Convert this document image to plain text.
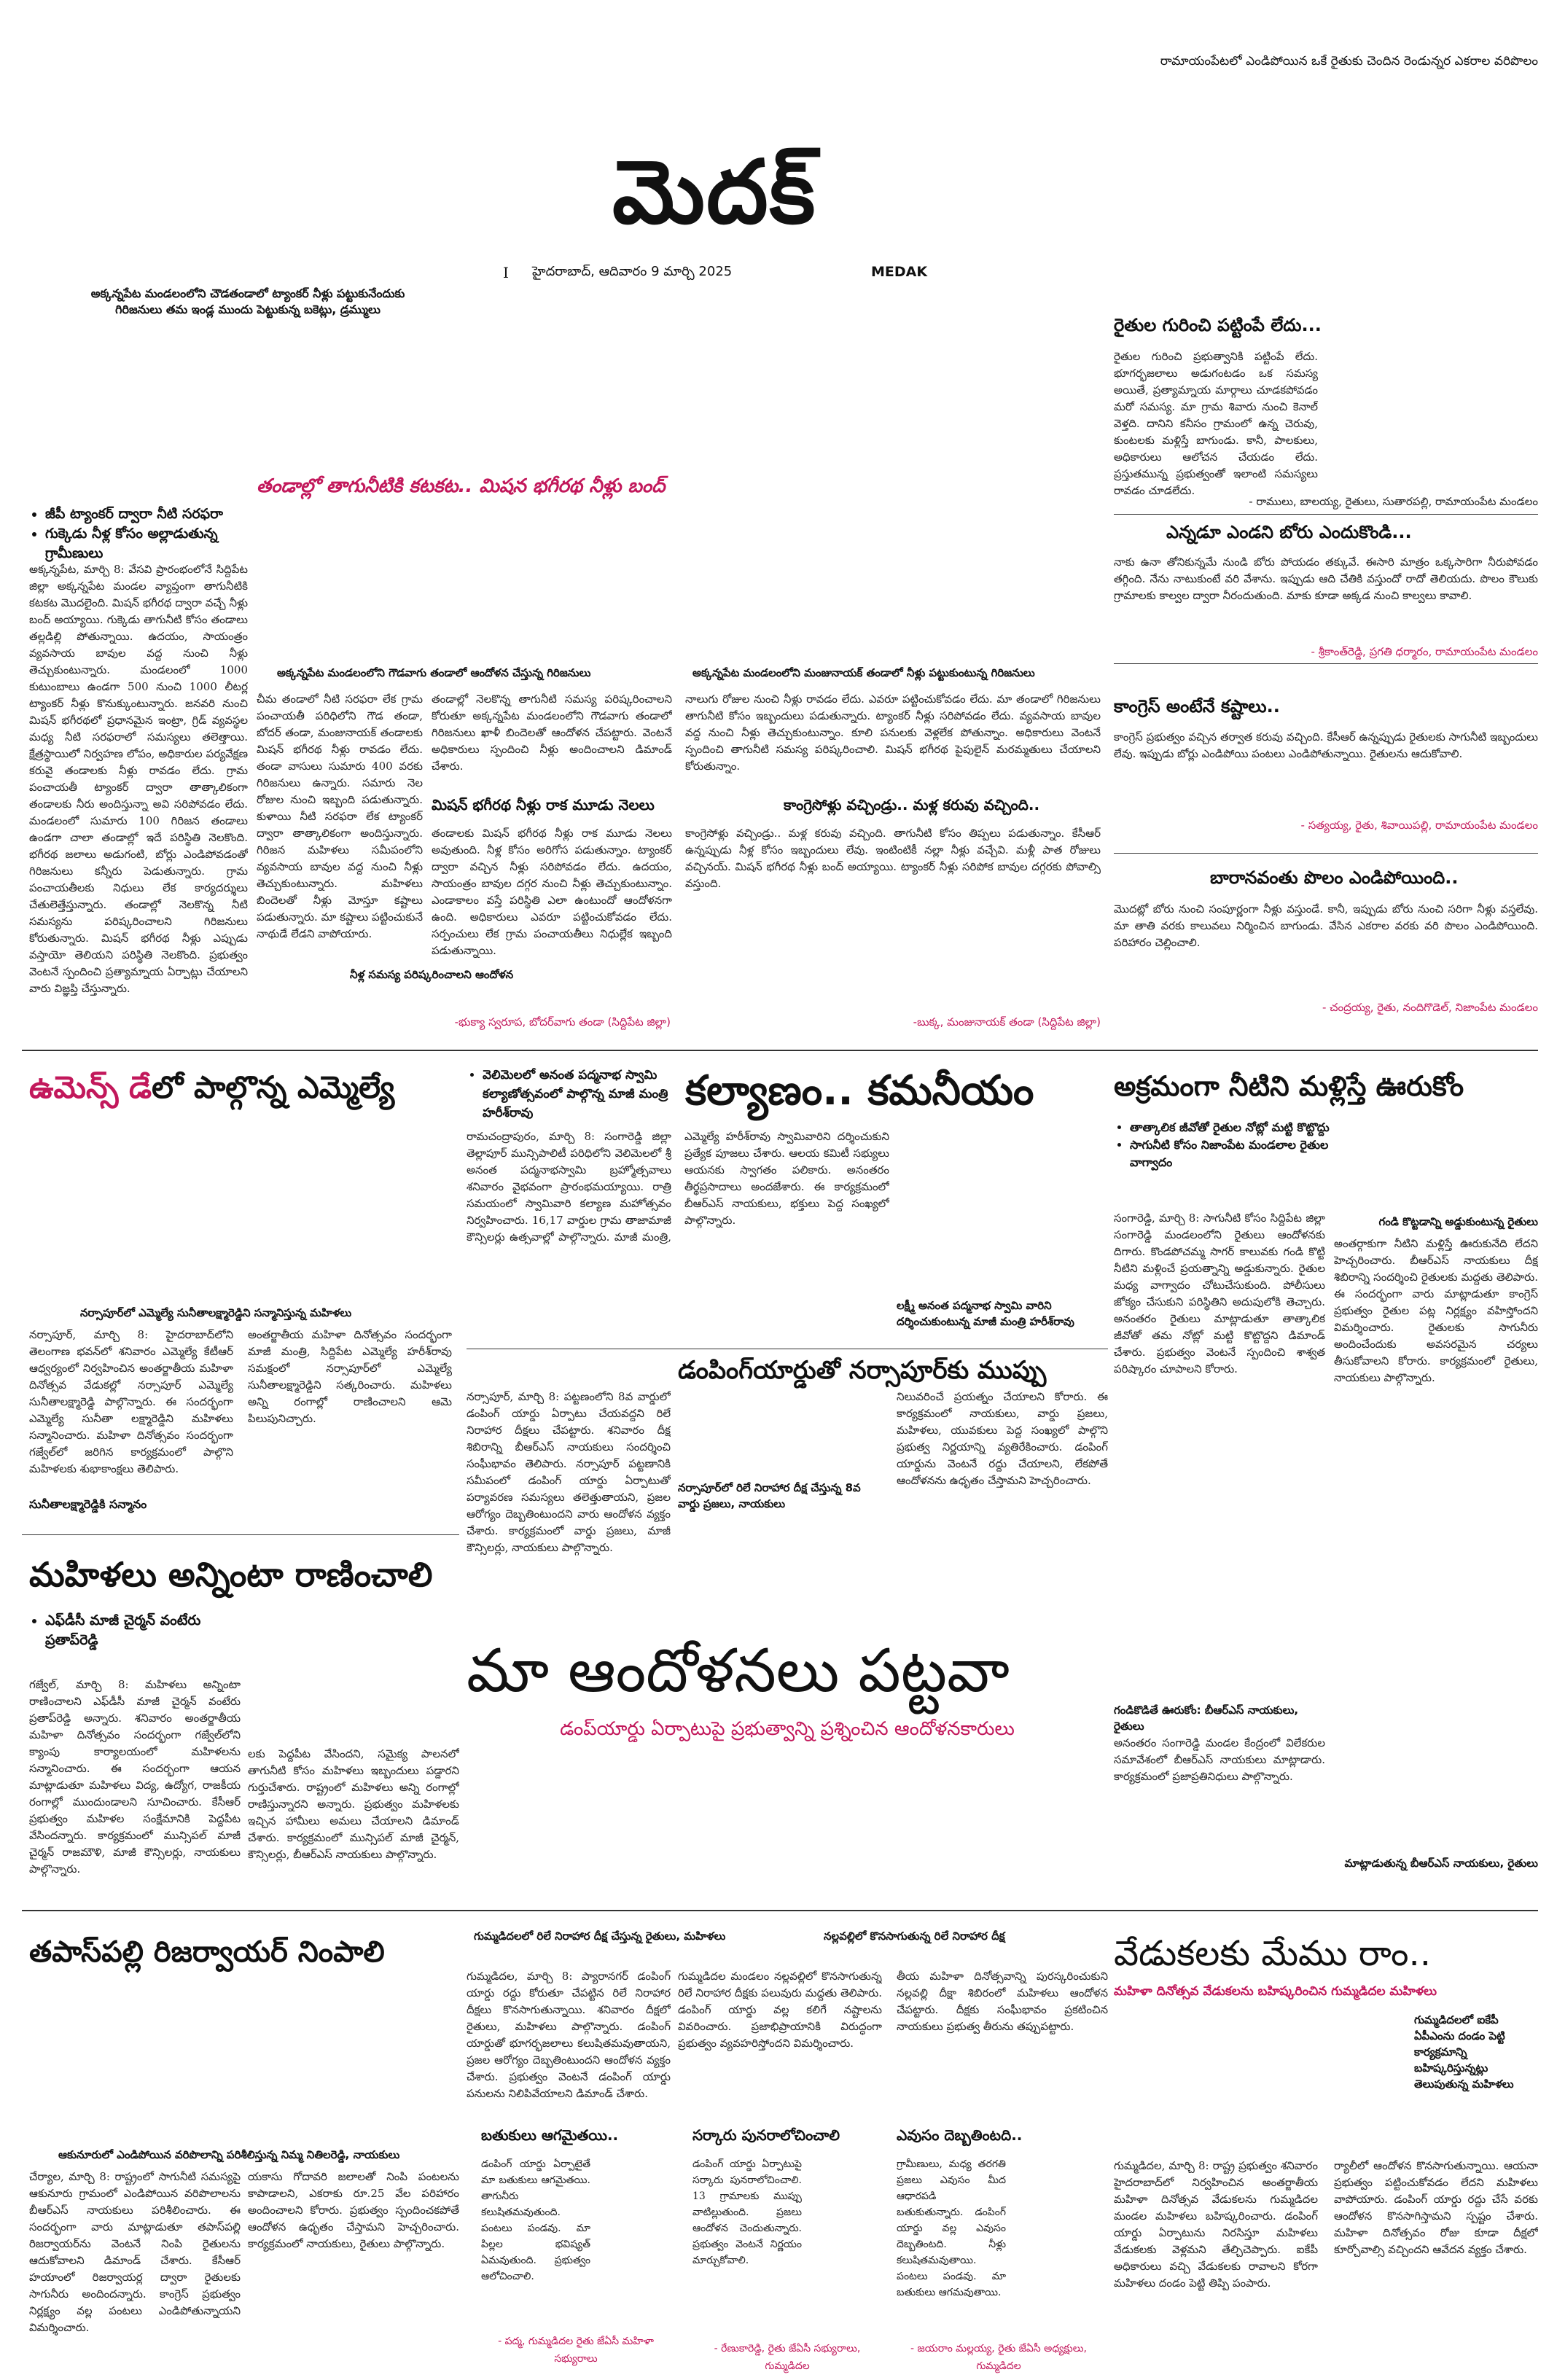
రామాయంపేటలో ఎండిపోయిన ఒకే రైతుకు చెందిన రెండున్నర ఎకరాల వరిపొలం
మెదక్
I హైదరాబాద్, ఆదివారం 9 మార్చి 2025	MEDAK
అక్కన్నపేట మండలంలోని చౌడతండాలో ట్యాంకర్ నీళ్లు పట్టుకునేందుకు గిరిజనులు తమ ఇండ్ల ముందు పెట్టుకున్న బకెట్లు, డ్రమ్ములు
రైతుల గురించి పట్టింపే లేదు...
రైతుల గురించి ప్రభుత్వానికి పట్టింపే లేదు. భూగర్భజలాలు అడుగంటడం ఒక సమస్య అయితే, ప్రత్యామ్నాయ మార్గాలు చూడకపోవడం మరో సమస్య. మా గ్రామ శివారు నుంచి కెనాల్ వెళ్తది. దానిని కనీసం గ్రామంలో ఉన్న చెరువు, కుంటలకు మళ్లిస్తే బాగుండు. కానీ, పాలకులు, అధికారులు ఆలోచన చేయడం లేదు. ప్రస్తుతమున్న ప్రభుత్వంతో ఇలాంటి సమస్యలు రావడం చూడలేదు.
- రాములు, బాలయ్య, రైతులు, సుతారపల్లి, రామాయంపేట మండలం
ఎన్నడూ ఎండని బోరు ఎందుకొండి...
నాకు ఉనా తోనికున్నమే నుండి బోరు పోయడం తక్కువే. ఈసారి మాత్రం ఒక్కసారిగా నీరుపోవడం తగ్గింది. నేను నాటుకుంటే వరి వేశాను. ఇప్పుడు ఆది చేతికి వస్తుందో రాదో తెలియదు. పొలం కౌలుకు గ్రామాలకు కాల్వల ద్వారా నీరందుతుంది. మాకు కూడా అక్కడ నుంచి కాల్వలు కావాలి.
- శ్రీకాంత్‌రెడ్డి, ప్రగతి ధర్మారం, రామాయంపేట మండలం
కాంగ్రెస్ అంటేనే కష్టాలు..
కాంగ్రెస్ ప్రభుత్వం వచ్చిన తర్వాత కరువు వచ్చింది. కేసీఆర్ ఉన్నప్పుడు రైతులకు సాగునీటి ఇబ్బందులు లేవు. ఇప్పుడు బోర్లు ఎండిపోయి పంటలు ఎండిపోతున్నాయి. రైతులను ఆదుకోవాలి.
- సత్యయ్య, రైతు, శివాయిపల్లి, రామాయంపేట మండలం
బారానవంతు పొలం ఎండిపోయింది..
మొదట్లో బోరు నుంచి సంపూర్ణంగా నీళ్లు వస్తుండే. కానీ, ఇప్పుడు బోరు నుంచి సరిగా నీళ్లు వస్తలేవు. మా తాతి వరకు కాలువలు నిర్మించిన బాగుండు. వేసిన ఎకరాల వరకు వరి పొలం ఎండిపోయింది. పరిహారం చెల్లించాలి.
- చంద్రయ్య, రైతు, నందిగొడెల్, నిజాంపేట మండలం
• జీపీ ట్యాంకర్ ద్వారా నీటి సరఫరా
• గుక్కెడు నీళ్ల కోసం అల్లాడుతున్న గ్రామీణులు
తండాల్లో తాగునీటికి కటకట.. మిషన భగీరథ నీళ్లు బంద్
అక్కన్నపేట, మార్చి 8: వేసవి ప్రారంభంలోనే సిద్దిపేట జిల్లా అక్కన్నపేట మండల వ్యాప్తంగా తాగునీటికి కటకట మొదలైంది. మిషన్ భగీరథ ద్వారా వచ్చే నీళ్లు బంద్ అయ్యాయి. గుక్కెడు తాగునీటి కోసం తండాలు తల్లడిల్లి పోతున్నాయి. ఉదయం, సాయంత్రం వ్యవసాయ బావుల వద్ద నుంచి నీళ్లు తెచ్చుకుంటున్నారు. మండలంలో 1000 కుటుంబాలు ఉండగా 500 నుంచి 1000 లీటర్ల ట్యాంకర్ నీళ్లు కొనుక్కుంటున్నారు. జనవరి నుంచి మిషన్ భగీరథలో ప్రధానమైన ఇంట్రా, గ్రిడ్ వ్యవస్థల మధ్య నీటి సరఫరాలో సమస్యలు తలెత్తాయి. క్షేత్రస్థాయిలో నిర్వహణ లోపం, అధికారుల పర్యవేక్షణ కరువై తండాలకు నీళ్లు రావడం లేదు. గ్రామ పంచాయతీ ట్యాంకర్ ద్వారా తాత్కాలికంగా తండాలకు నీరు అందిస్తున్నా అవి సరిపోవడం లేదు. మండలంలో సుమారు 100 గిరిజన తండాలు ఉండగా చాలా తండాల్లో ఇదే పరిస్థితి నెలకొంది. భగీరథ జలాలు అడుగంటి, బోర్లు ఎండిపోవడంతో గిరిజనులు కన్నీరు పెడుతున్నారు. గ్రామ పంచాయతీలకు నిధులు లేక కార్యదర్శులు చేతులెత్తేస్తున్నారు. తండాల్లో నెలకొన్న నీటి సమస్యను పరిష్కరించాలని గిరిజనులు కోరుతున్నారు. మిషన్ భగీరథ నీళ్లు ఎప్పుడు వస్తాయో తెలియని పరిస్థితి నెలకొంది. ప్రభుత్వం వెంటనే స్పందించి ప్రత్యామ్నాయ ఏర్పాట్లు చేయాలని వారు విజ్ఞప్తి చేస్తున్నారు.
అక్కన్నపేట మండలంలోని గౌడవాగు తండాలో ఆందోళన చేస్తున్న గిరిజనులు	అక్కన్నపేట మండలంలోని మంజునాయక్ తండాలో నీళ్లు పట్టుకుంటున్న గిరిజనులు
చీమ తండాలో నీటి సరఫరా లేక గ్రామ పంచాయతీ పరిధిలోని గౌడ తండా, బోదర్ తండా, మంజునాయక్ తండాలకు మిషన్ భగీరథ నీళ్లు రావడం లేదు. తండా వాసులు సుమారు 400 వరకు గిరిజనులు ఉన్నారు. సమారు నెల రోజుల నుంచి ఇబ్బంది పడుతున్నారు. కుళాయి నీటి సరఫరా లేక ట్యాంకర్ ద్వారా తాత్కాలికంగా అందిస్తున్నారు. గిరిజన మహిళలు సమీపంలోని వ్యవసాయ బావుల వద్ద నుంచి నీళ్లు తెచ్చుకుంటున్నారు. మహిళలు బిందెలతో నీళ్లు మోస్తూ కష్టాలు పడుతున్నారు. మా కష్టాలు పట్టించుకునే నాథుడే లేడని వాపోయారు.
తండాల్లో నెలకొన్న తాగునీటి సమస్య పరిష్కరించాలని కోరుతూ అక్కన్నపేట మండలంలోని గౌడవాగు తండాలో గిరిజనులు ఖాళీ బిందెలతో ఆందోళన చేపట్టారు. వెంటనే అధికారులు స్పందించి నీళ్లు అందించాలని డిమాండ్ చేశారు.
నాలుగు రోజుల నుంచి నీళ్లు రావడం లేదు. ఎవరూ పట్టించుకోవడం లేదు. మా తండాలో గిరిజనులు తాగునీటి కోసం ఇబ్బందులు పడుతున్నారు. ట్యాంకర్ నీళ్లు సరిపోవడం లేదు. వ్యవసాయ బావుల వద్ద నుంచి నీళ్లు తెచ్చుకుంటున్నాం. కూలి పనులకు వెళ్లలేక పోతున్నాం. అధికారులు వెంటనే స్పందించి తాగునీటి సమస్య పరిష్కరించాలి. మిషన్ భగీరథ పైపులైన్ మరమ్మతులు చేయాలని కోరుతున్నాం.
మిషన్ భగీరథ నీళ్లు రాక మూడు నెలలు
తండాలకు మిషన్ భగీరథ నీళ్లు రాక మూడు నెలలు అవుతుంది. నీళ్ల కోసం అరిగోస పడుతున్నాం. ట్యాంకర్ ద్వారా వచ్చిన నీళ్లు సరిపోవడం లేదు. ఉదయం, సాయంత్రం బావుల దగ్గర నుంచి నీళ్లు తెచ్చుకుంటున్నాం. ఎండాకాలం వస్తే పరిస్థితి ఎలా ఉంటుందో ఆందోళనగా ఉంది. అధికారులు ఎవరూ పట్టించుకోవడం లేదు. సర్పంచులు లేక గ్రామ పంచాయతీలు నిధుల్లేక ఇబ్బంది పడుతున్నాయి.
కాంగ్రెసోళ్లు వచ్చిండ్రు.. మళ్ల కరువు వచ్చింది..
కాంగ్రెసోళ్లు వచ్చిండ్రు.. మళ్ల కరువు వచ్చింది. తాగునీటి కోసం తిప్పలు పడుతున్నాం. కేసీఆర్ ఉన్నప్పుడు నీళ్ల కోసం ఇబ్బందులు లేవు. ఇంటింటికీ నల్లా నీళ్లు వచ్చేవి. మళ్లీ పాత రోజులు వచ్చినయ్. మిషన్ భగీరథ నీళ్లు బంద్ అయ్యాయి. ట్యాంకర్ నీళ్లు సరిపోక బావుల దగ్గరకు పోవాల్సి వస్తుంది.
నీళ్ల సమస్య పరిష్కరించాలని ఆందోళన
-భుక్యా స్వరూప, బోదర్‌వాగు తండా (సిద్దిపేట జిల్లా)	-బుక్క, మంజునాయక్ తండా (సిద్దిపేట జిల్లా)
ఉమెన్స్ డేలో పాల్గొన్న ఎమ్మెల్యే
నర్సాపూర్‌లో ఎమ్మెల్యే సునీతాలక్ష్మారెడ్డిని సన్మానిస్తున్న మహిళలు
నర్సాపూర్, మార్చి 8: హైదరాబాద్‌లోని తెలంగాణ భవన్‌లో శనివారం ఎమ్మెల్యే కేటీఆర్ ఆధ్వర్యంలో నిర్వహించిన అంతర్జాతీయ మహిళా దినోత్సవ వేడుకల్లో నర్సాపూర్ ఎమ్మెల్యే సునీతాలక్ష్మారెడ్డి పాల్గొన్నారు. ఈ సందర్భంగా ఎమ్మెల్యే సునీతా లక్ష్మారెడ్డిని మహిళలు సన్మానించారు. మహిళా దినోత్సవం సందర్భంగా గజ్వేల్‌లో జరిగిన కార్యక్రమంలో పాల్గొని మహిళలకు శుభాకాంక్షలు తెలిపారు.
సునీతాలక్ష్మారెడ్డికి సన్మానం
అంతర్జాతీయ మహిళా దినోత్సవం సందర్భంగా మాజీ మంత్రి, సిద్దిపేట ఎమ్మెల్యే హరీశ్‌రావు సమక్షంలో నర్సాపూర్‌లో ఎమ్మెల్యే సునీతాలక్ష్మారెడ్డిని సత్కరించారు. మహిళలు అన్ని రంగాల్లో రాణించాలని ఆమె పిలుపునిచ్చారు.
మహిళలు అన్నింటా రాణించాలి
• ఎఫ్‌డీసీ మాజీ చైర్మన్ వంటేరు ప్రతాప్‌రెడ్డి
గజ్వేల్, మార్చి 8: మహిళలు అన్నింటా రాణించాలని ఎఫ్‌డీసీ మాజీ చైర్మన్ వంటేరు ప్రతాప్‌రెడ్డి అన్నారు. శనివారం అంతర్జాతీయ మహిళా దినోత్సవం సందర్భంగా గజ్వేల్‌లోని క్యాంపు కార్యాలయంలో మహిళలను సన్మానించారు. ఈ సందర్భంగా ఆయన మాట్లాడుతూ మహిళలు విద్య, ఉద్యోగ, రాజకీయ రంగాల్లో ముందుండాలని సూచించారు. కేసీఆర్ ప్రభుత్వం మహిళల సంక్షేమానికి పెద్దపీట వేసిందన్నారు. కార్యక్రమంలో మున్సిపల్ మాజీ చైర్మన్ రాజమౌళి, మాజీ కౌన్సిలర్లు, నాయకులు పాల్గొన్నారు.
లకు పెద్దపీట వేసిందని, సమైక్య పాలనలో తాగునీటి కోసం మహిళలు ఇబ్బందులు పడ్డారని గుర్తుచేశారు. రాష్ట్రంలో మహిళలు అన్ని రంగాల్లో రాణిస్తున్నారని అన్నారు. ప్రభుత్వం మహిళలకు ఇచ్చిన హామీలు అమలు చేయాలని డిమాండ్ చేశారు. కార్యక్రమంలో మున్సిపల్ మాజీ చైర్మన్, కౌన్సిలర్లు, బీఆర్ఎస్ నాయకులు పాల్గొన్నారు.
• వెలిమెలలో అనంత పద్మనాభ స్వామి కల్యాణోత్సవంలో పాల్గొన్న మాజీ మంత్రి హరీశ్‌రావు	కల్యాణం.. కమనీయం
లక్ష్మీ అనంత పద్మనాభ స్వామి వారిని దర్శించుకుంటున్న మాజీ మంత్రి హరీశ్‌రావు
రామచంద్రాపురం, మార్చి 8: సంగారెడ్డి జిల్లా తెల్లాపూర్ మున్సిపాలిటీ పరిధిలోని వెలిమెలలో శ్రీ అనంత పద్మనాభస్వామి బ్రహ్మోత్సవాలు శనివారం వైభవంగా ప్రారంభమయ్యాయి. రాత్రి సమయంలో స్వామివారి కల్యాణ మహోత్సవం నిర్వహించారు. 16,17 వార్డుల గ్రామ తాజామాజీ కౌన్సిలర్లు ఉత్సవాల్లో పాల్గొన్నారు. మాజీ మంత్రి, ఎమ్మెల్యే హరీశ్‌రావు స్వామివారిని దర్శించుకుని ప్రత్యేక పూజలు చేశారు. ఆలయ కమిటీ సభ్యులు ఆయనకు స్వాగతం పలికారు. అనంతరం తీర్థప్రసాదాలు అందజేశారు. ఈ కార్యక్రమంలో బీఆర్ఎస్ నాయకులు, భక్తులు పెద్ద సంఖ్యలో పాల్గొన్నారు.
డంపింగ్‌యార్డుతో నర్సాపూర్‌కు ముప్పు
నర్సాపూర్, మార్చి 8: పట్టణంలోని 8వ వార్డులో డంపింగ్ యార్డు ఏర్పాటు చేయవద్దని రిలే నిరాహార దీక్షలు చేపట్టారు. శనివారం దీక్ష శిబిరాన్ని బీఆర్ఎస్ నాయకులు సందర్శించి సంఘీభావం తెలిపారు. నర్సాపూర్ పట్టణానికి సమీపంలో డంపింగ్ యార్డు ఏర్పాటుతో పర్యావరణ సమస్యలు తలెత్తుతాయని, ప్రజల ఆరోగ్యం దెబ్బతింటుందని వారు ఆందోళన వ్యక్తం చేశారు. కార్యక్రమంలో వార్డు ప్రజలు, మాజీ కౌన్సిలర్లు, నాయకులు పాల్గొన్నారు.
నర్సాపూర్‌లో రిలే నిరాహార దీక్ష చేస్తున్న 8వ వార్డు ప్రజలు, నాయకులు
నిలువరించే ప్రయత్నం చేయాలని కోరారు. ఈ కార్యక్రమంలో నాయకులు, వార్డు ప్రజలు, మహిళలు, యువకులు పెద్ద సంఖ్యలో పాల్గొని ప్రభుత్వ నిర్ణయాన్ని వ్యతిరేకించారు. డంపింగ్ యార్డును వెంటనే రద్దు చేయాలని, లేకపోతే ఆందోళనను ఉధృతం చేస్తామని హెచ్చరించారు.
మా ఆందోళనలు పట్టవా
డంప్‌యార్డు ఏర్పాటుపై ప్రభుత్వాన్ని ప్రశ్నించిన ఆందోళనకారులు
అక్రమంగా నీటిని మళ్లిస్తే ఊరుకోం
• తాత్కాలిక జీవోతో రైతుల నోట్లో మట్టి కొట్టొద్దు
• సాగునీటి కోసం నిజాంపేట మండలాల రైతుల వాగ్వాదం
సంగారెడ్డి, మార్చి 8: సాగునీటి కోసం సిద్దిపేట జిల్లా సంగారెడ్డి మండలంలోని రైతులు ఆందోళనకు దిగారు. కొండపోచమ్మ సాగర్ కాలువకు గండి కొట్టి నీటిని మళ్లించే ప్రయత్నాన్ని అడ్డుకున్నారు. రైతుల మధ్య వాగ్వాదం చోటుచేసుకుంది. పోలీసులు జోక్యం చేసుకుని పరిస్థితిని అదుపులోకి తెచ్చారు. అనంతరం రైతులు మాట్లాడుతూ తాత్కాలిక జీవోతో తమ నోట్లో మట్టి కొట్టొద్దని డిమాండ్ చేశారు. ప్రభుత్వం వెంటనే స్పందించి శాశ్వత పరిష్కారం చూపాలని కోరారు.
గండి కొట్టడాన్ని అడ్డుకుంటున్న రైతులు
అంతర్గాకుగా నీటిని మళ్లిస్తే ఊరుకునేది లేదని హెచ్చరించారు. బీఆర్ఎస్ నాయకులు దీక్ష శిబిరాన్ని సందర్శించి రైతులకు మద్దతు తెలిపారు. ఈ సందర్భంగా వారు మాట్లాడుతూ కాంగ్రెస్ ప్రభుత్వం రైతుల పట్ల నిర్లక్ష్యం వహిస్తోందని విమర్శించారు. రైతులకు సాగునీరు అందించేందుకు అవసరమైన చర్యలు తీసుకోవాలని కోరారు. కార్యక్రమంలో రైతులు, నాయకులు పాల్గొన్నారు.
గండికొడితే ఊరుకోం: బీఆర్ఎస్ నాయకులు, రైతులు
అనంతరం సంగారెడ్డి మండల కేంద్రంలో విలేకరుల సమావేశంలో బీఆర్ఎస్ నాయకులు మాట్లాడారు. కార్యక్రమంలో ప్రజాప్రతినిధులు పాల్గొన్నారు.
మాట్లాడుతున్న బీఆర్ఎస్ నాయకులు, రైతులు
తపాస్‌పల్లి రిజర్వాయర్ నింపాలి
ఆకునూరులో ఎండిపోయిన వరిపొలాన్ని పరిశీలిస్తున్న నిమ్మ నితిలరెడ్డి, నాయకులు
చేర్యాల, మార్చి 8: రాష్ట్రంలో సాగునీటి సమస్యపై ఆకునూరు గ్రామంలో ఎండిపోయిన వరిపొలాలను బీఆర్ఎస్ నాయకులు పరిశీలించారు. ఈ సందర్భంగా వారు మాట్లాడుతూ తపాస్‌పల్లి రిజర్వాయర్‌ను వెంటనే నింపి రైతులను ఆదుకోవాలని డిమాండ్ చేశారు. కేసీఆర్ హయాంలో రిజర్వాయర్ల ద్వారా రైతులకు సాగునీరు అందిందన్నారు. కాంగ్రెస్ ప్రభుత్వం నిర్లక్ష్యం వల్ల పంటలు ఎండిపోతున్నాయని విమర్శించారు.
యకాసు గోదావరి జలాలతో నింపి పంటలను కాపాడాలని, ఎకరాకు రూ.25 వేల పరిహారం అందించాలని కోరారు. ప్రభుత్వం స్పందించకపోతే ఆందోళన ఉధృతం చేస్తామని హెచ్చరించారు. కార్యక్రమంలో నాయకులు, రైతులు పాల్గొన్నారు.
గుమ్మడిదలలో రిలే నిరాహార దీక్ష చేస్తున్న రైతులు, మహిళలు	నల్లవల్లిలో కొనసాగుతున్న రిలే నిరాహార దీక్ష
గుమ్మడిదల, మార్చి 8: ప్యారానగర్ డంపింగ్ యార్డు రద్దు కోరుతూ చేపట్టిన రిలే నిరాహార దీక్షలు కొనసాగుతున్నాయి. శనివారం దీక్షలో రైతులు, మహిళలు పాల్గొన్నారు. డంపింగ్ యార్డుతో భూగర్భజలాలు కలుషితమవుతాయని, ప్రజల ఆరోగ్యం దెబ్బతింటుందని ఆందోళన వ్యక్తం చేశారు. ప్రభుత్వం వెంటనే డంపింగ్ యార్డు పనులను నిలిపివేయాలని డిమాండ్ చేశారు.
గుమ్మడిదల మండలం నల్లవల్లిలో కొనసాగుతున్న రిలే నిరాహార దీక్షకు పలువురు మద్దతు తెలిపారు. డంపింగ్ యార్డు వల్ల కలిగే నష్టాలను వివరించారు. ప్రజాభిప్రాయానికి విరుద్ధంగా ప్రభుత్వం వ్యవహరిస్తోందని విమర్శించారు.
తీయ మహిళా దినోత్సవాన్ని పురస్కరించుకుని నల్లవల్లి దీక్షా శిబిరంలో మహిళలు ఆందోళన చేపట్టారు. దీక్షకు సంఘీభావం ప్రకటించిన నాయకులు ప్రభుత్వ తీరును తప్పుపట్టారు.
బతుకులు ఆగమైతయి..
డంపింగ్ యార్డు ఏర్పాటైతే మా బతుకులు ఆగమైతయి. తాగునీరు కలుషితమవుతుంది. పంటలు పండవు. మా పిల్లల భవిష్యత్ ఏమవుతుంది. ప్రభుత్వం ఆలోచించాలి.
- పద్మ, గుమ్మడిదల రైతు జేఏసీ మహిళా సభ్యురాలు
సర్కారు పునరాలోచించాలి
డంపింగ్ యార్డు ఏర్పాటుపై సర్కారు పునరాలోచించాలి. 13 గ్రామాలకు ముప్పు వాటిల్లుతుంది. ప్రజలు ఆందోళన చెందుతున్నారు. ప్రభుత్వం వెంటనే నిర్ణయం మార్చుకోవాలి.
- రేణుకారెడ్డి, రైతు జేఏసీ సభ్యురాలు, గుమ్మడిదల
ఎవుసం దెబ్బతింటది..
గ్రామీణులు, మధ్య తరగతి ప్రజలు ఎవుసం మీద ఆధారపడి బతుకుతున్నారు. డంపింగ్ యార్డు వల్ల ఎవుసం దెబ్బతింటది. నీళ్లు కలుషితమవుతాయి. పంటలు పండవు. మా బతుకులు ఆగమవుతాయి.
- జయరాం మల్లయ్య, రైతు జేఏసీ అధ్యక్షులు, గుమ్మడిదల
వేడుకలకు మేము రాం..
మహిళా దినోత్సవ వేడుకలను బహిష్కరించిన గుమ్మడిదల మహిళలు
గుమ్మడిదలలో ఐకేపీ ఏపీఎంను దండం పెట్టి కార్యక్రమాన్ని బహిష్కరిస్తున్నట్లు తెలుపుతున్న మహిళలు
గుమ్మడిదల, మార్చి 8: రాష్ట్ర ప్రభుత్వం శనివారం హైదరాబాద్‌లో నిర్వహించిన అంతర్జాతీయ మహిళా దినోత్సవ వేడుకలను గుమ్మడిదల మండల మహిళలు బహిష్కరించారు. డంపింగ్ యార్డు ఏర్పాటును నిరసిస్తూ మహిళలు వేడుకలకు వెళ్లమని తేల్చిచెప్పారు. ఐకేపీ అధికారులు వచ్చి వేడుకలకు రావాలని కోరగా మహిళలు దండం పెట్టి తిప్పి పంపారు.
ర్యాలీలో ఆందోళన కొనసాగుతున్నాయి. ఆయనా ప్రభుత్వం పట్టించుకోవడం లేదని మహిళలు వాపోయారు. డంపింగ్ యార్డు రద్దు చేసే వరకు ఆందోళన కొనసాగిస్తామని స్పష్టం చేశారు. మహిళా దినోత్సవం రోజు కూడా దీక్షలో కూర్చోవాల్సి వచ్చిందని ఆవేదన వ్యక్తం చేశారు.
